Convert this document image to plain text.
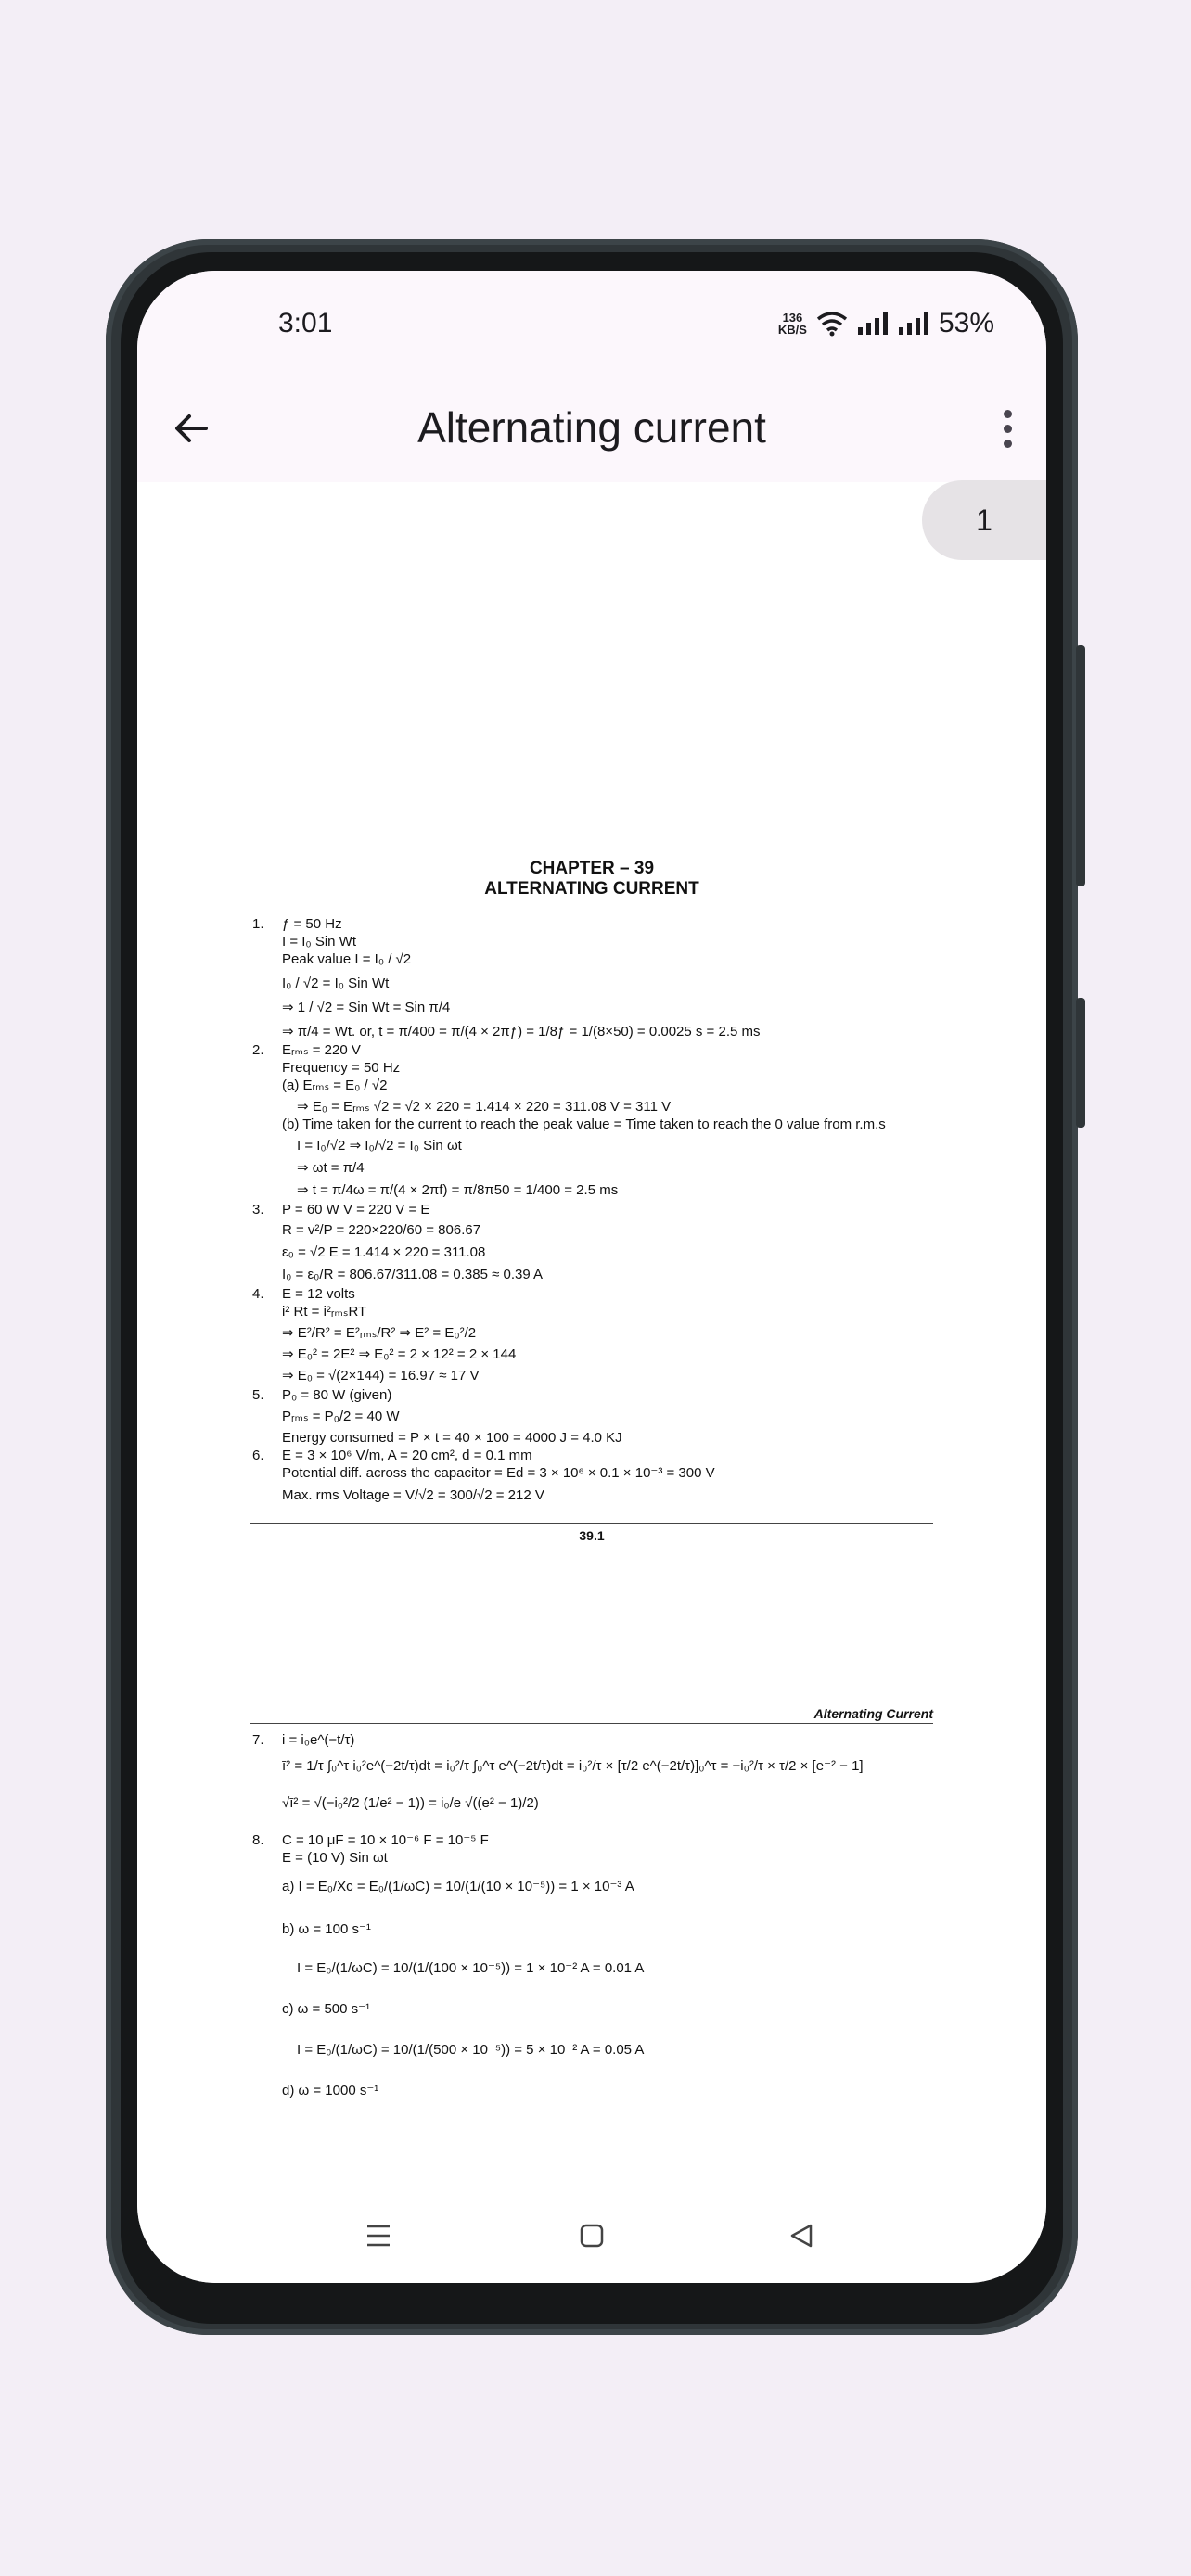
3:01	136
KB/S	53%
Alternating current
CHAPTER – 39
ALTERNATING CURRENT
1. ƒ = 50 Hz
I = I₀ Sin Wt
Peak value I = I₀ / √2
I₀ / √2 = I₀ Sin Wt
⇒ 1 / √2 = Sin Wt = Sin π/4
⇒ π/4 = Wt. or, t = π/400 = π/(4 × 2πƒ) = 1/8ƒ = 1/(8×50) = 0.0025 s = 2.5 ms
2. Eᵣₘₛ = 220 V
Frequency = 50 Hz
(a) Eᵣₘₛ = E₀ / √2
⇒ E₀ = Eᵣₘₛ √2 = √2 × 220 = 1.414 × 220 = 311.08 V = 311 V
(b) Time taken for the current to reach the peak value = Time taken to reach the 0 value from r.m.s
I = I₀/√2 ⇒ I₀/√2 = I₀ Sin ωt
⇒ ωt = π/4
⇒ t = π/4ω = π/(4 × 2πf) = π/8π50 = 1/400 = 2.5 ms
3. P = 60 W V = 220 V = E
R = v²/P = 220×220/60 = 806.67
ε₀ = √2 E = 1.414 × 220 = 311.08
I₀ = ε₀/R = 806.67/311.08 = 0.385 ≈ 0.39 A
4. E = 12 volts
i² Rt = i²ᵣₘₛRT
⇒ E²/R² = E²ᵣₘₛ/R² ⇒ E² = E₀²/2
⇒ E₀² = 2E² ⇒ E₀² = 2 × 12² = 2 × 144
⇒ E₀ = √(2×144) = 16.97 ≈ 17 V
5. P₀ = 80 W (given)
Pᵣₘₛ = P₀/2 = 40 W
Energy consumed = P × t = 40 × 100 = 4000 J = 4.0 KJ
6. E = 3 × 10⁶ V/m, A = 20 cm², d = 0.1 mm
Potential diff. across the capacitor = Ed = 3 × 10⁶ × 0.1 × 10⁻³ = 300 V
Max. rms Voltage = V/√2 = 300/√2 = 212 V
39.1
Alternating Current
7. i = i₀e^(−t/τ)
ī² = 1/τ ∫₀^τ i₀²e^(−2t/τ)dt = i₀²/τ ∫₀^τ e^(−2t/τ)dt = i₀²/τ × [τ/2 e^(−2t/τ)]₀^τ = −i₀²/τ × τ/2 × [e⁻² − 1]
√ī² = √(−i₀²/2 (1/e² − 1)) = i₀/e √((e² − 1)/2)
8. C = 10 μF = 10 × 10⁻⁶ F = 10⁻⁵ F
E = (10 V) Sin ωt
a) I = E₀/Xc = E₀/(1/ωC) = 10/(1/(10 × 10⁻⁵)) = 1 × 10⁻³ A
b) ω = 100 s⁻¹
I = E₀/(1/ωC) = 10/(1/(100 × 10⁻⁵)) = 1 × 10⁻² A = 0.01 A
c) ω = 500 s⁻¹
I = E₀/(1/ωC) = 10/(1/(500 × 10⁻⁵)) = 5 × 10⁻² A = 0.05 A
d) ω = 1000 s⁻¹
1
